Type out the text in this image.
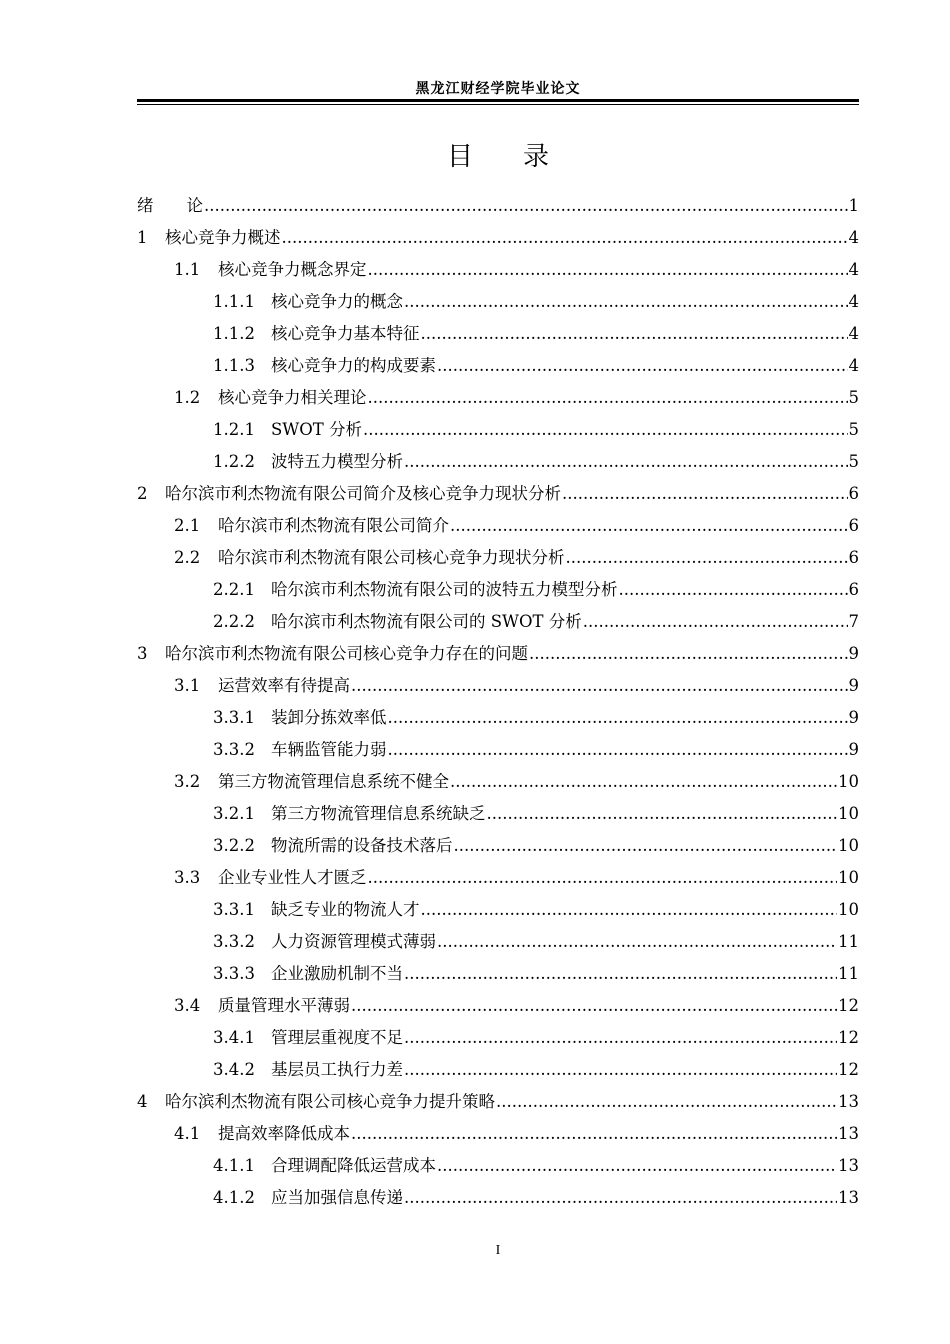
黑龙江财经学院毕业论文
目 录
绪　　论 .....	1
1	核心竞争力概述 .....	4
1.1	核心竞争力概念界定 .....	4
1.1.1 核心竞争力的概念 .....	4
1.1.2 核心竞争力基本特征 .....	4
1.1.3 核心竞争力的构成要素 .....	4
1.2	核心竞争力相关理论 .....	5
1.2.1 SWOT 分析 .....	5
1.2.2 波特五力模型分析 .....	5
2	哈尔滨市利杰物流有限公司简介及核心竞争力现状分析 .....	6
2.1	哈尔滨市利杰物流有限公司简介 .....	6
2.2	哈尔滨市利杰物流有限公司核心竞争力现状分析 .....	6
2.2.1 哈尔滨市利杰物流有限公司的波特五力模型分析 .....	6
2.2.2 哈尔滨市利杰物流有限公司的 SWOT 分析 .....	7
3	哈尔滨市利杰物流有限公司核心竞争力存在的问题 .....	9
3.1	运营效率有待提高 .....	9
3.3.1 装卸分拣效率低 .....	9
3.3.2 车辆监管能力弱 .....	9
3.2	第三方物流管理信息系统不健全 .....	10
3.2.1 第三方物流管理信息系统缺乏 .....	10
3.2.2 物流所需的设备技术落后 .....	10
3.3	企业专业性人才匮乏 .....	10
3.3.1 缺乏专业的物流人才 .....	10
3.3.2 人力资源管理模式薄弱 .....	11
3.3.3 企业激励机制不当 .....	11
3.4	质量管理水平薄弱 .....	12
3.4.1 管理层重视度不足 .....	12
3.4.2 基层员工执行力差 .....	12
4	哈尔滨利杰物流有限公司核心竞争力提升策略 .....	13
4.1	提高效率降低成本 .....	13
4.1.1 合理调配降低运营成本 .....	13
4.1.2 应当加强信息传递 .....	13
I
